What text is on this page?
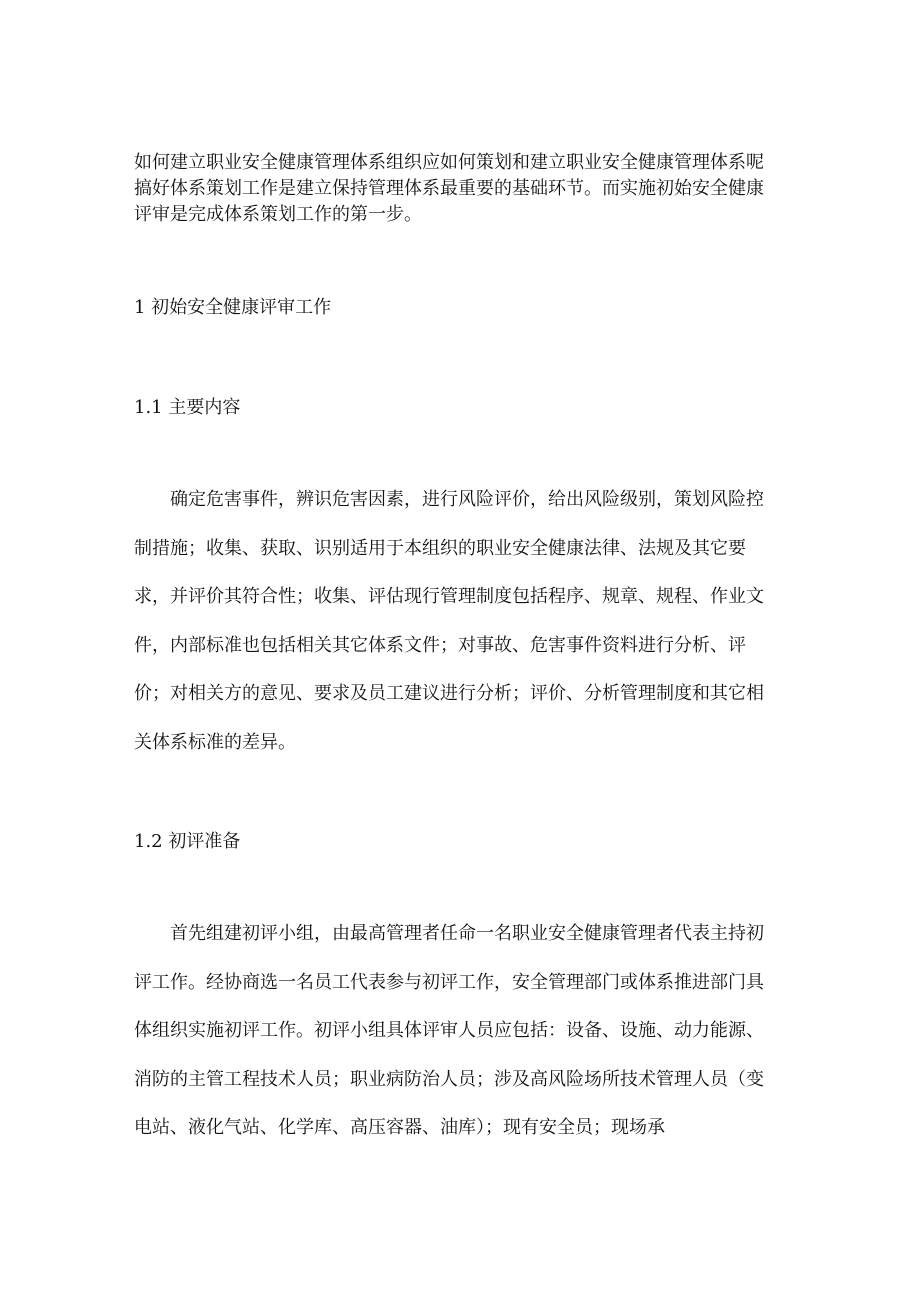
如何建立职业安全健康管理体系组织应如何策划和建立职业安全健康管理体系呢搞好体系策划工作是建立保持管理体系最重要的基础环节。而实施初始安全健康评审是完成体系策划工作的第一步。

1 初始安全健康评审工作

1.1 主要内容

确定危害事件，辨识危害因素，进行风险评价，给出风险级别，策划风险控制措施；收集、获取、识别适用于本组织的职业安全健康法律、法规及其它要求，并评价其符合性；收集、评估现行管理制度包括程序、规章、规程、作业文件，内部标准也包括相关其它体系文件；对事故、危害事件资料进行分析、评价；对相关方的意见、要求及员工建议进行分析；评价、分析管理制度和其它相关体系标准的差异。

1.2 初评准备

首先组建初评小组，由最高管理者任命一名职业安全健康管理者代表主持初评工作。经协商选一名员工代表参与初评工作，安全管理部门或体系推进部门具体组织实施初评工作。初评小组具体评审人员应包括：设备、设施、动力能源、消防的主管工程技术人员；职业病防治人员；涉及高风险场所技术管理人员（变电站、液化气站、化学库、高压容器、油库）；现有安全员；现场承
